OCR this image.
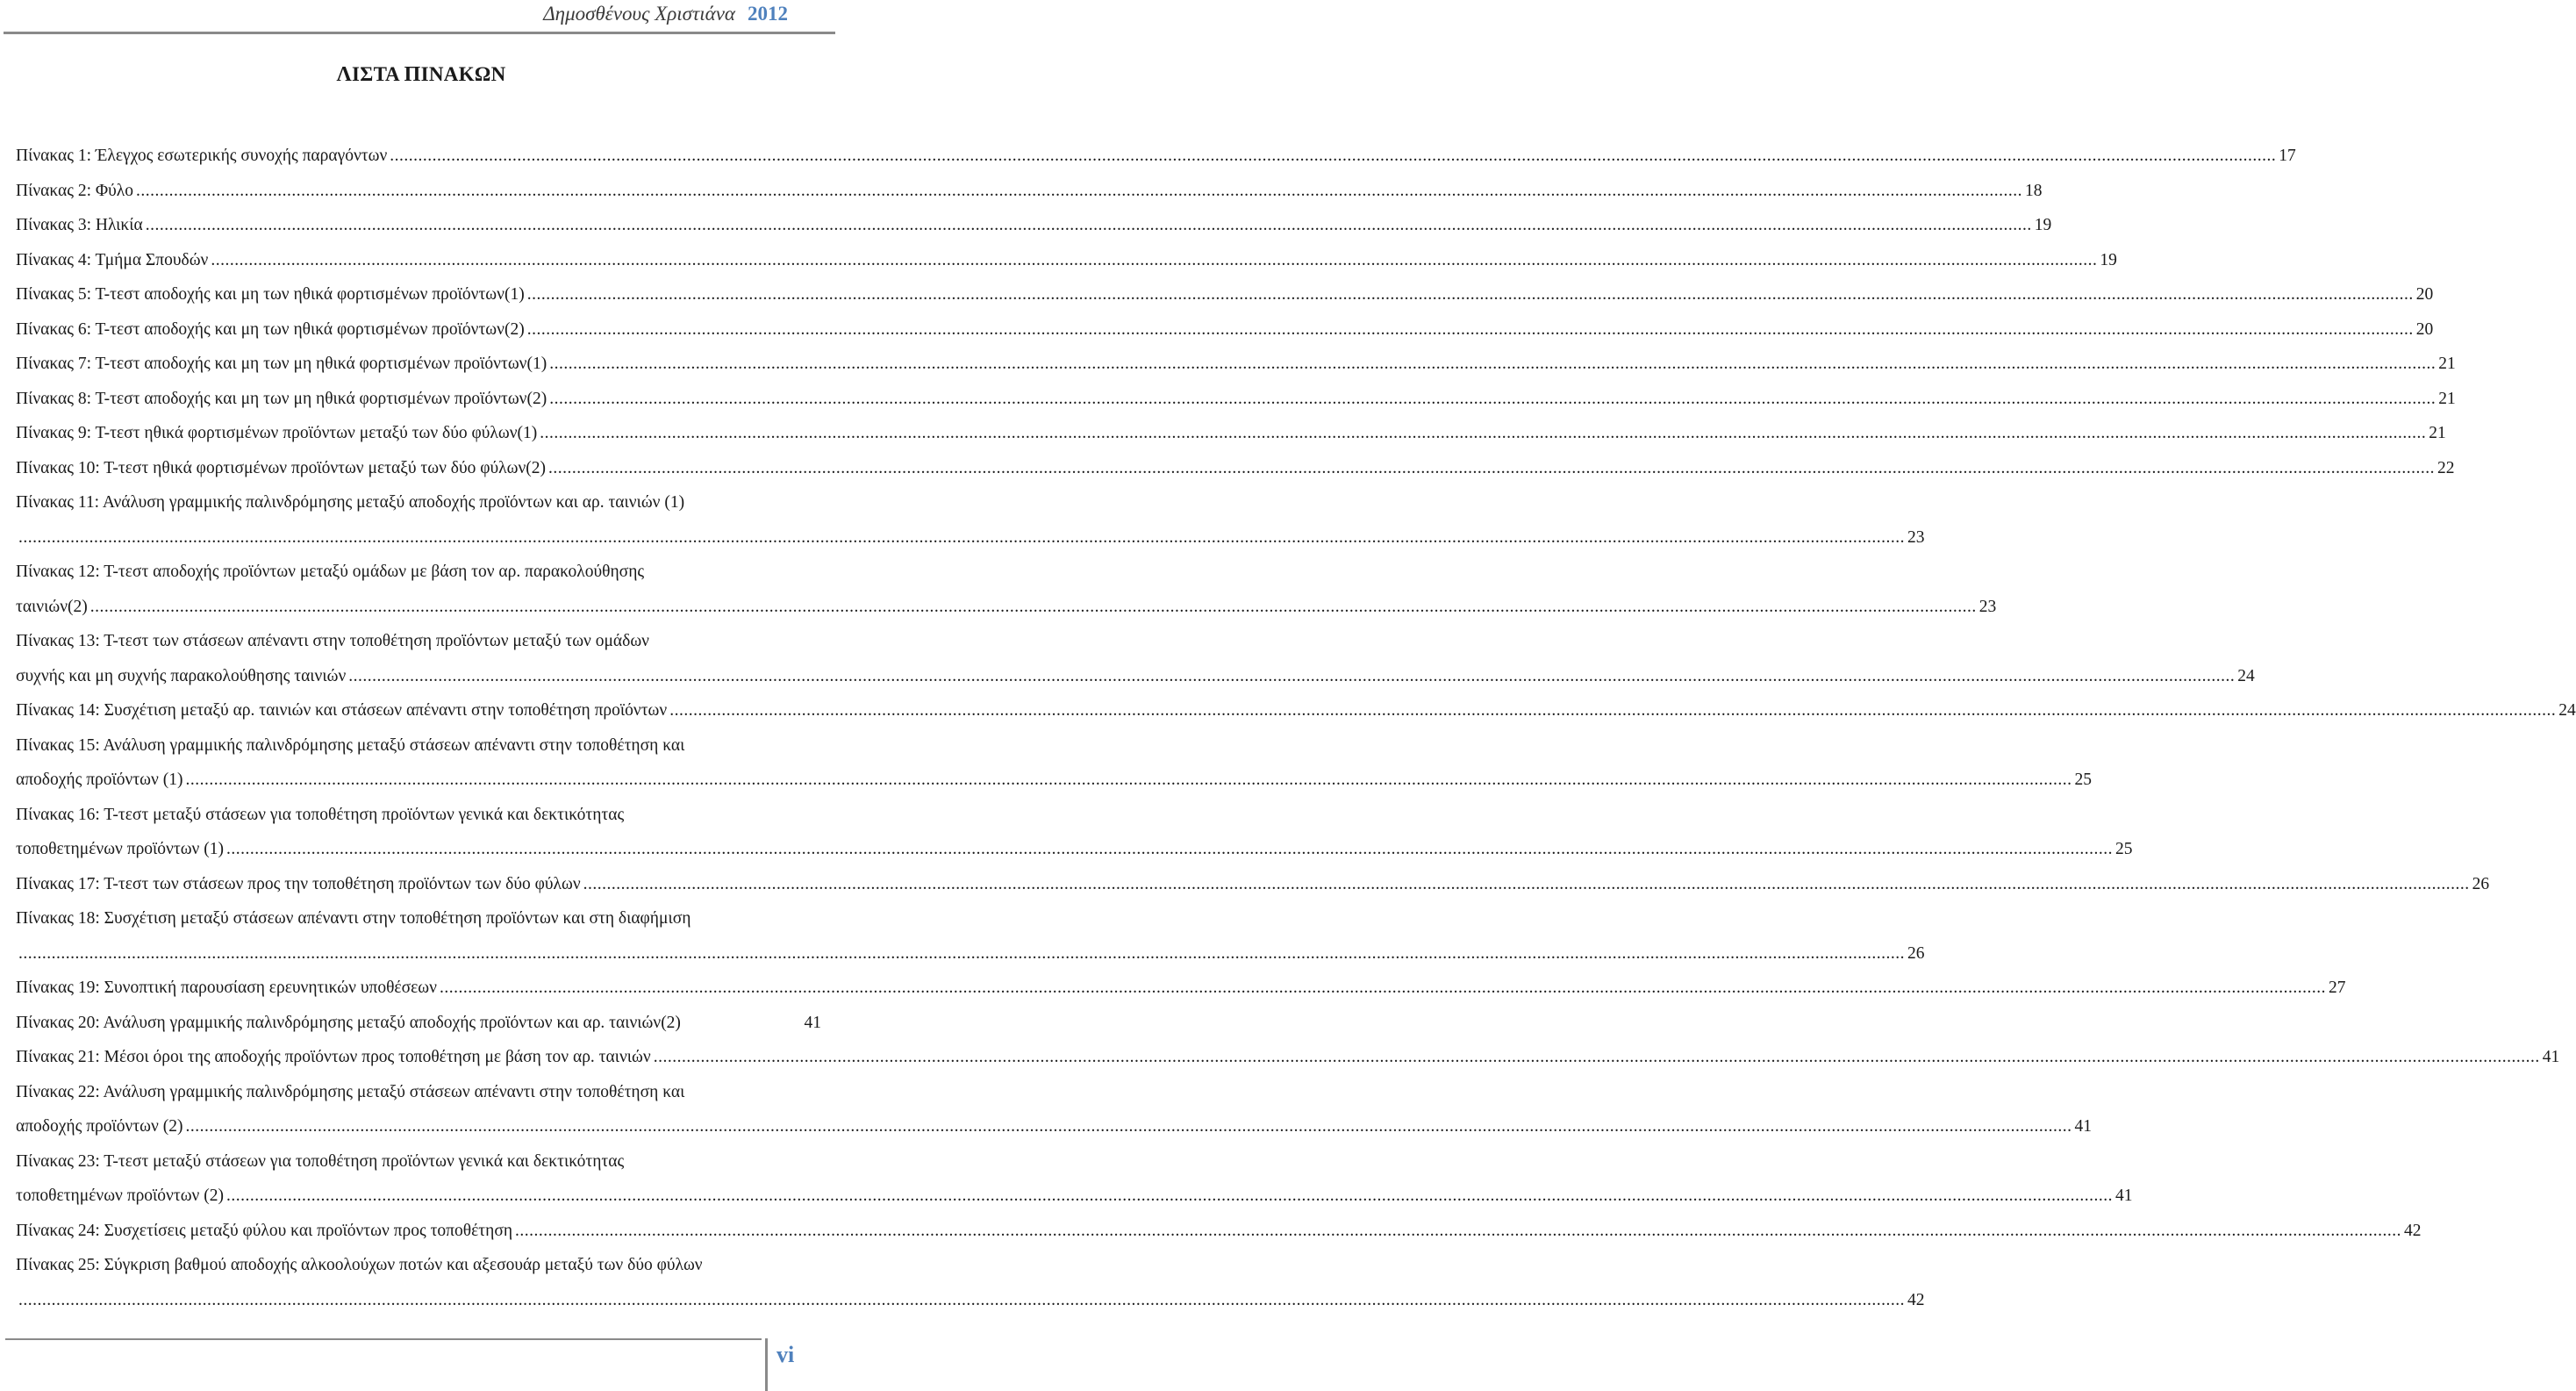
Δημοσθένους Χριστιάνα 2012
ΛΙΣΤΑ ΠΙΝΑΚΩΝ
Πίνακας 1: Έλεγχος εσωτερικής συνοχής παραγόντων ................................................................................................................................................................................................................................................................................................................................................................................................................ 17
Πίνακας 2: Φύλο ................................................................................................................................................................................................................................................................................................................................................................................................................ 18
Πίνακας 3: Ηλικία ................................................................................................................................................................................................................................................................................................................................................................................................................ 19
Πίνακας 4: Τμήμα Σπουδών ................................................................................................................................................................................................................................................................................................................................................................................................................ 19
Πίνακας 5: Τ-τεστ αποδοχής και μη των ηθικά φορτισμένων προϊόντων(1) ................................................................................................................................................................................................................................................................................................................................................................................................................ 20
Πίνακας 6: Τ-τεστ αποδοχής και μη των ηθικά φορτισμένων προϊόντων(2) ................................................................................................................................................................................................................................................................................................................................................................................................................ 20
Πίνακας 7: Τ-τεστ αποδοχής και μη των μη ηθικά φορτισμένων προϊόντων(1) ................................................................................................................................................................................................................................................................................................................................................................................................................ 21
Πίνακας 8: Τ-τεστ αποδοχής και μη των μη ηθικά φορτισμένων προϊόντων(2) ................................................................................................................................................................................................................................................................................................................................................................................................................ 21
Πίνακας 9: Τ-τεστ ηθικά φορτισμένων προϊόντων μεταξύ των δύο φύλων(1) ................................................................................................................................................................................................................................................................................................................................................................................................................ 21
Πίνακας 10: Τ-τεστ ηθικά φορτισμένων προϊόντων μεταξύ των δύο φύλων(2) ................................................................................................................................................................................................................................................................................................................................................................................................................ 22
Πίνακας 11: Ανάλυση γραμμικής παλινδρόμησης μεταξύ αποδοχής προϊόντων και αρ. ταινιών (1)
................................................................................................................................................................................................................................................................................................................................................................................................................ 23
Πίνακας 12: Τ-τεστ αποδοχής προϊόντων μεταξύ ομάδων με βάση τον αρ. παρακολούθησης
ταινιών(2) ................................................................................................................................................................................................................................................................................................................................................................................................................ 23
Πίνακας 13: Τ-τεστ των στάσεων απέναντι στην τοποθέτηση προϊόντων μεταξύ των ομάδων
συχνής και μη συχνής παρακολούθησης ταινιών ................................................................................................................................................................................................................................................................................................................................................................................................................ 24
Πίνακας 14: Συσχέτιση μεταξύ αρ. ταινιών και στάσεων απέναντι στην τοποθέτηση προϊόντων ................................................................................................................................................................................................................................................................................................................................................................................................................ 24
Πίνακας 15: Ανάλυση γραμμικής παλινδρόμησης μεταξύ στάσεων απέναντι στην τοποθέτηση και
αποδοχής προϊόντων (1) ................................................................................................................................................................................................................................................................................................................................................................................................................ 25
Πίνακας 16: Τ-τεστ μεταξύ στάσεων για τοποθέτηση προϊόντων γενικά και δεκτικότητας
τοποθετημένων προϊόντων (1) ................................................................................................................................................................................................................................................................................................................................................................................................................ 25
Πίνακας 17: Τ-τεστ των στάσεων προς την τοποθέτηση προϊόντων των δύο φύλων ................................................................................................................................................................................................................................................................................................................................................................................................................ 26
Πίνακας 18: Συσχέτιση μεταξύ στάσεων απέναντι στην τοποθέτηση προϊόντων και στη διαφήμιση
................................................................................................................................................................................................................................................................................................................................................................................................................ 26
Πίνακας 19: Συνοπτική παρουσίαση ερευνητικών υποθέσεων ................................................................................................................................................................................................................................................................................................................................................................................................................ 27
Πίνακας 20: Ανάλυση γραμμικής παλινδρόμησης μεταξύ αποδοχής προϊόντων και αρ. ταινιών(2)	41
Πίνακας 21: Μέσοι όροι της αποδοχής προϊόντων προς τοποθέτηση με βάση τον αρ. ταινιών ................................................................................................................................................................................................................................................................................................................................................................................................................ 41
Πίνακας 22: Ανάλυση γραμμικής παλινδρόμησης μεταξύ στάσεων απέναντι στην τοποθέτηση και
αποδοχής προϊόντων (2) ................................................................................................................................................................................................................................................................................................................................................................................................................ 41
Πίνακας 23: Τ-τεστ μεταξύ στάσεων για τοποθέτηση προϊόντων γενικά και δεκτικότητας
τοποθετημένων προϊόντων (2) ................................................................................................................................................................................................................................................................................................................................................................................................................ 41
Πίνακας 24: Συσχετίσεις μεταξύ φύλου και προϊόντων προς τοποθέτηση ................................................................................................................................................................................................................................................................................................................................................................................................................ 42
Πίνακας 25: Σύγκριση βαθμού αποδοχής αλκοολούχων ποτών και αξεσουάρ μεταξύ των δύο φύλων
................................................................................................................................................................................................................................................................................................................................................................................................................ 42
vi
